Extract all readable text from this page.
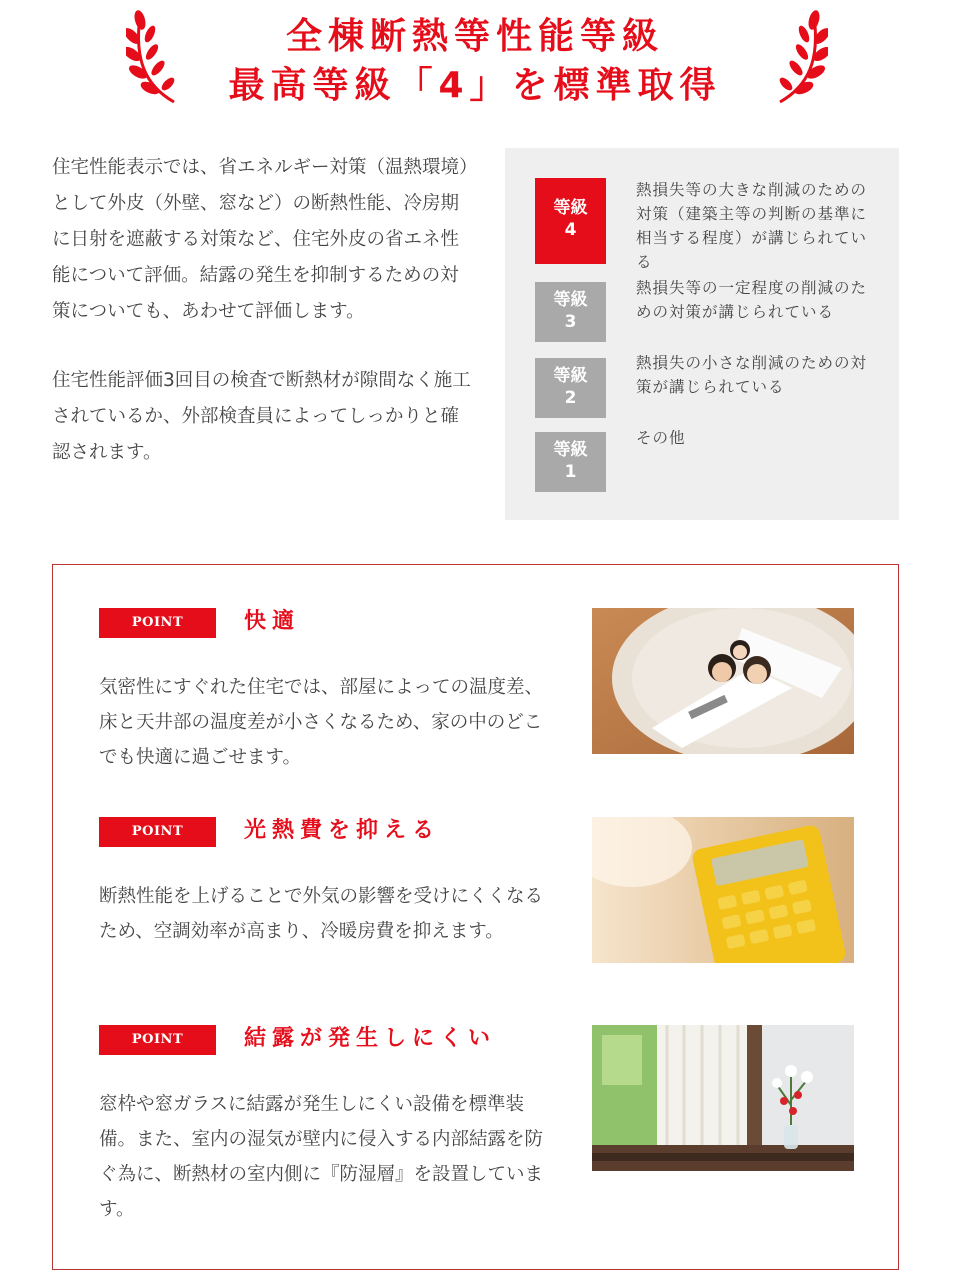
全棟断熱等性能等級
最高等級「4」を標準取得

住宅性能表示では、省エネルギー対策（温熱環境）として外皮（外壁、窓など）の断熱性能、冷房期に日射を遮蔽する対策など、住宅外皮の省エネ性能について評価。結露の発生を抑制するための対策についても、あわせて評価します。

住宅性能評価3回目の検査で断熱材が隙間なく施工されているか、外部検査員によってしっかりと確認されます。

等級
4
熱損失等の大きな削減のための対策（建築主等の判断の基準に相当する程度）が講じられている
等級
3
熱損失等の一定程度の削減のための対策が講じられている
等級
2
熱損失の小さな削減のための対策が講じられている
等級
1
その他
POINT	快適
気密性にすぐれた住宅では、部屋によっての温度差、床と天井部の温度差が小さくなるため、家の中のどこでも快適に過ごせます。
POINT	光熱費を抑える
断熱性能を上げることで外気の影響を受けにくくなるため、空調効率が高まり、冷暖房費を抑えます。
POINT	結露が発生しにくい
窓枠や窓ガラスに結露が発生しにくい設備を標準装備。また、室内の湿気が壁内に侵入する内部結露を防ぐ為に、断熱材の室内側に『防湿層』を設置しています。
